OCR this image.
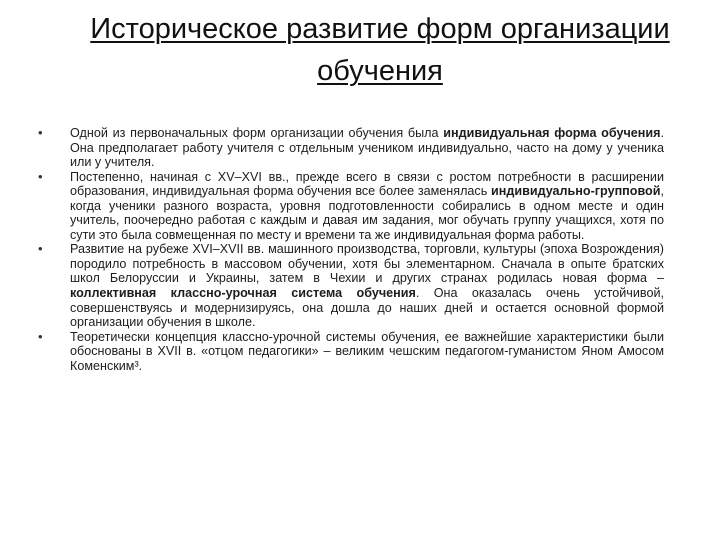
Историческое развитие форм организации
обучения
• Одной из первоначальных форм организации обучения была индивидуальная форма обучения. Она предполагает работу учителя с отдельным учеником индивидуально, часто на дому у ученика или у учителя.
• Постепенно, начиная с XV–XVI вв., прежде всего в связи с ростом потребности в расширении образования, индивидуальная форма обучения все более заменялась индивидуально-групповой, когда ученики разного возраста, уровня подготовленности собирались в одном месте и один учитель, поочередно работая с каждым и давая им задания, мог обучать группу учащихся, хотя по сути это была совмещенная по месту и времени та же индивидуальная форма работы.
• Развитие на рубеже XVI–XVII вв. машинного производства, торговли, культуры (эпоха Возрождения) породило потребность в массовом обучении, хотя бы элементарном. Сначала в опыте братских школ Белоруссии и Украины, затем в Чехии и других странах родилась новая форма – коллективная классно-урочная система обучения. Она оказалась очень устойчивой, совершенствуясь и модернизируясь, она дошла до наших дней и остается основной формой организации обучения в школе.
• Теоретически концепция классно-урочной системы обучения, ее важнейшие характеристики были обоснованы в XVII в. «отцом педагогики» – великим чешским педагогом-гуманистом Яном Амосом Коменским³.
